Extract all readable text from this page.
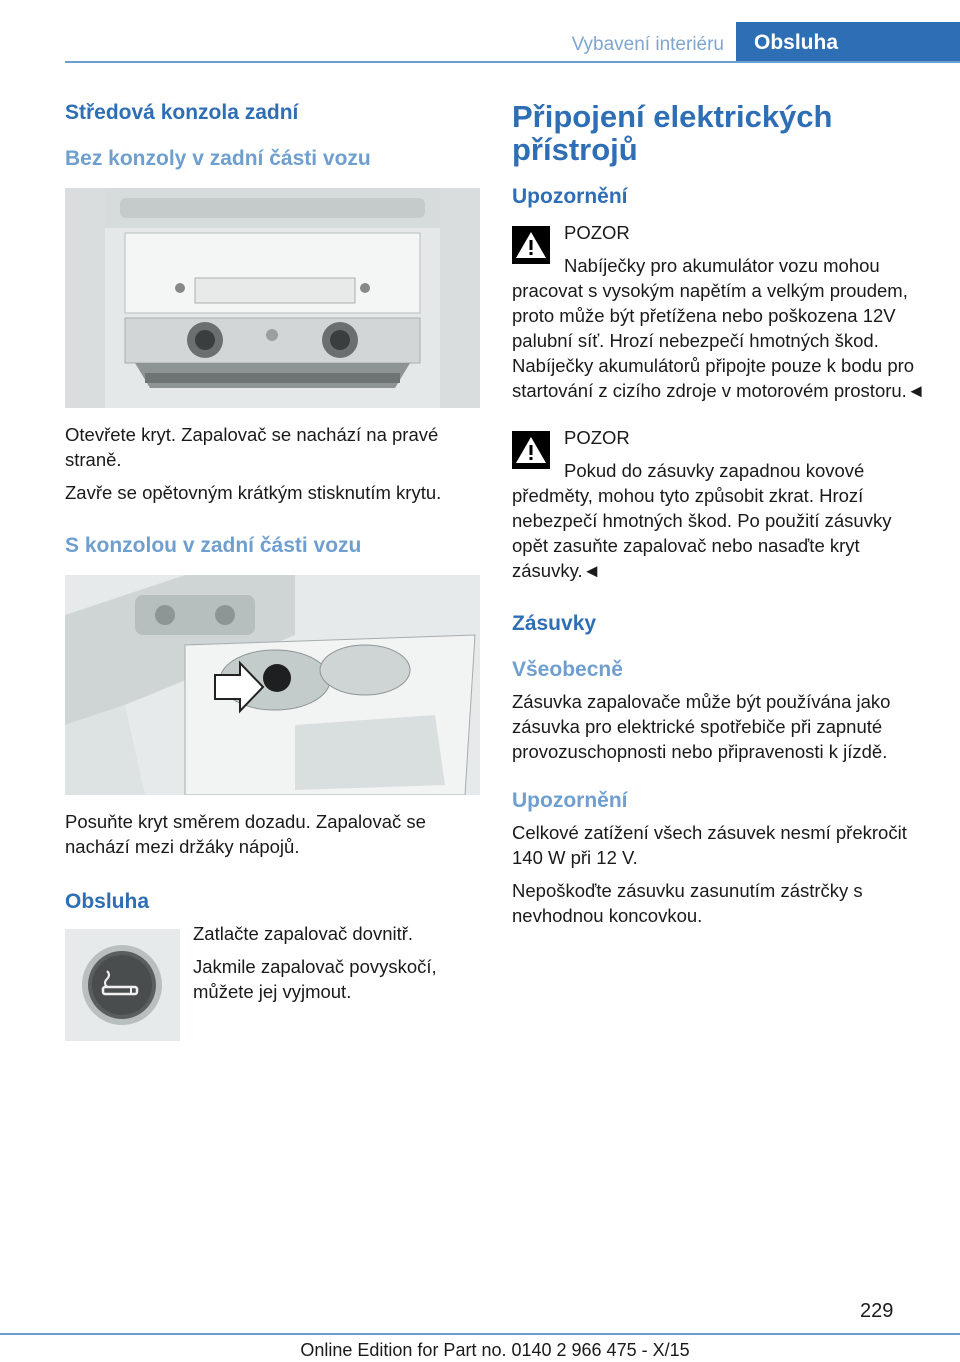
Vybavení interiéru	Obsluha
Středová konzola zadní
Bez konzoly v zadní části vozu

Otevřete kryt. Zapalovač se nachází na pravé straně.

Zavře se opětovným krátkým stisknutím krytu.

S konzolou v zadní části vozu

Posuňte kryt směrem dozadu. Zapalovač se nachází mezi držáky nápojů.

Obsluha

Zatlačte zapalovač dovnitř.

Jakmile zapalovač povyskočí, můžete jej vyjmout.

Připojení elektrických přístrojů
Upozornění

POZOR

Nabíječky pro akumulátor vozu mohou pracovat s vysokým napětím a velkým proudem, proto může být přetížena nebo poškozena 12V palubní síť. Hrozí nebezpečí hmotných škod. Nabíječky akumulátorů připojte pouze k bodu pro startování z cizího zdroje v motorovém prostoru.◄

POZOR

Pokud do zásuvky zapadnou kovové předměty, mohou tyto způsobit zkrat. Hrozí nebezpečí hmotných škod. Po použití zásuvky opět zasuňte zapalovač nebo nasaďte kryt zásuvky.◄

Zásuvky
Všeobecně

Zásuvka zapalovače může být používána jako zásuvka pro elektrické spotřebiče při zapnuté provozuschopnosti nebo připravenosti k jízdě.

Upozornění

Celkové zatížení všech zásuvek nesmí překročit 140 W při 12 V.

Nepoškoďte zásuvku zasunutím zástrčky s nevhodnou koncovkou.

229
Online Edition for Part no. 0140 2 966 475 - X/15
